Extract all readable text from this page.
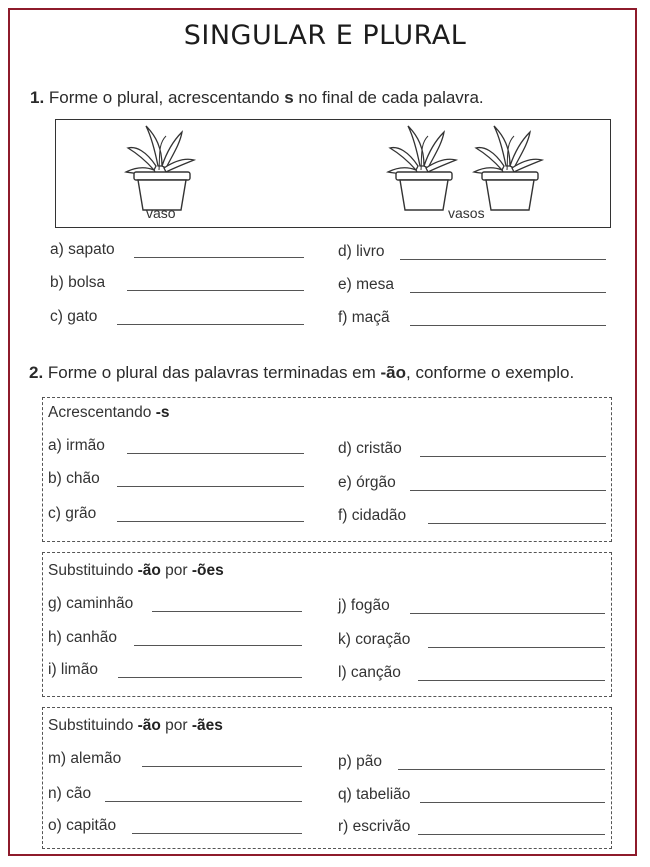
SINGULAR E PLURAL
1. Forme o plural, acrescentando s no final de cada palavra.
vaso	vasos
a) sapato
b) bolsa
c) gato
d) livro
e) mesa
f) maçã
2. Forme o plural das palavras terminadas em -ão, conforme o exemplo.
Acrescentando -s
a) irmão
b) chão
c) grão
d) cristão
e) órgão
f) cidadão
Substituindo -ão por -ões
g) caminhão
h) canhão
i) limão
j) fogão
k) coração
l) canção
Substituindo -ão por -ães
m) alemão
n) cão
o) capitão
p) pão
q) tabelião
r) escrivão
